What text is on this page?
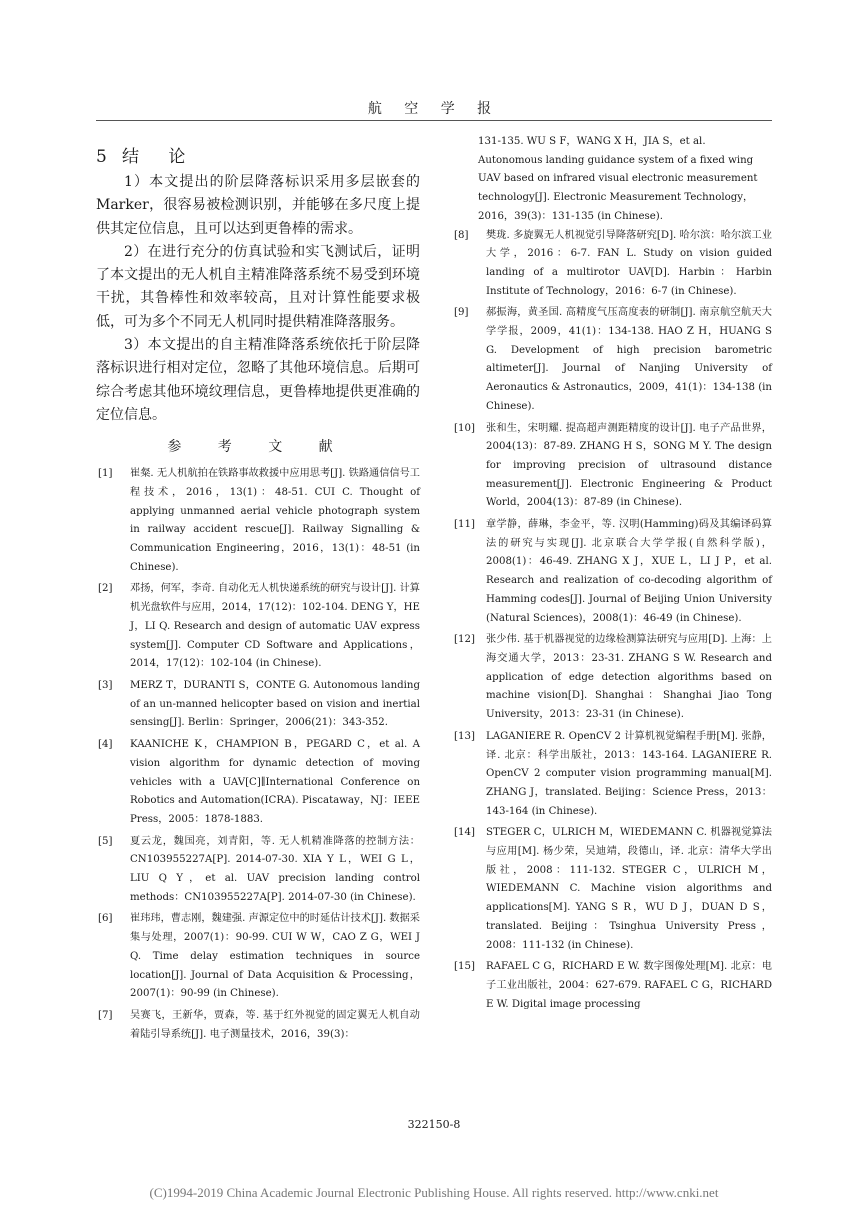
航 空 学 报
5 结 论

1）本文提出的阶层降落标识采用多层嵌套的 Marker，很容易被检测识别，并能够在多尺度上提供其定位信息，且可以达到更鲁棒的需求。

2）在进行充分的仿真试验和实飞测试后，证明了本文提出的无人机自主精准降落系统不易受到环境干扰，其鲁棒性和效率较高，且对计算性能要求极低，可为多个不同无人机同时提供精准降落服务。

3）本文提出的自主精准降落系统依托于阶层降落标识进行相对定位，忽略了其他环境信息。后期可综合考虑其他环境纹理信息，更鲁棒地提供更准确的定位信息。

参 考 文 献
[1] 崔粲. 无人机航拍在铁路事故救援中应用思考[J]. 铁路通信信号工程技术，2016，13(1)：48-51. CUI C. Thought of applying unmanned aerial vehicle photograph system in railway accident rescue[J]. Railway Signalling & Communication Engineering，2016，13(1)：48-51 (in Chinese).
[2] 邓扬，何军，李奇. 自动化无人机快递系统的研究与设计[J]. 计算机光盘软件与应用，2014，17(12)：102-104. DENG Y，HE J，LI Q. Research and design of automatic UAV express system[J]. Computer CD Software and Applications，2014，17(12)：102-104 (in Chinese).
[3] MERZ T，DURANTI S，CONTE G. Autonomous landing of an un-manned helicopter based on vision and inertial sensing[J]. Berlin：Springer，2006(21)：343-352.
[4] KAANICHE K，CHAMPION B，PEGARD C，et al. A vision algorithm for dynamic detection of moving vehicles with a UAV[C]∥International Conference on Robotics and Automation(ICRA). Piscataway，NJ：IEEE Press，2005：1878-1883.
[5] 夏云龙，魏国亮，刘青阳，等. 无人机精准降落的控制方法：CN103955227A[P]. 2014-07-30. XIA Y L，WEI G L，LIU Q Y，et al. UAV precision landing control methods：CN103955227A[P]. 2014-07-30 (in Chinese).
[6] 崔玮玮，曹志刚，魏建强. 声源定位中的时延估计技术[J]. 数据采集与处理，2007(1)：90-99. CUI W W，CAO Z G，WEI J Q. Time delay estimation techniques in source location[J]. Journal of Data Acquisition & Processing，2007(1)：90-99 (in Chinese).
[7] 吴赛飞，王新华，贾森，等. 基于红外视觉的固定翼无人机自动着陆引导系统[J]. 电子测量技术，2016，39(3)：
131-135. WU S F，WANG X H，JIA S，et al. Autonomous landing guidance system of a fixed wing UAV based on infrared visual electronic measurement technology[J]. Electronic Measurement Technology，2016，39(3)：131-135 (in Chinese).
[8] 樊珑. 多旋翼无人机视觉引导降落研究[D]. 哈尔滨：哈尔滨工业大学，2016：6-7. FAN L. Study on vision guided landing of a multirotor UAV[D]. Harbin：Harbin Institute of Technology，2016：6-7 (in Chinese).
[9] 郝振海，黄圣国. 高精度气压高度表的研制[J]. 南京航空航天大学学报，2009，41(1)：134-138. HAO Z H，HUANG S G. Development of high precision barometric altimeter[J]. Journal of Nanjing University of Aeronautics & Astronautics，2009，41(1)：134-138 (in Chinese).
[10] 张和生，宋明耀. 提高超声测距精度的设计[J]. 电子产品世界，2004(13)：87-89. ZHANG H S，SONG M Y. The design for improving precision of ultrasound distance measurement[J]. Electronic Engineering & Product World，2004(13)：87-89 (in Chinese).
[11] 章学静，薛琳，李金平，等. 汉明(Hamming)码及其编译码算法的研究与实现[J]. 北京联合大学学报(自然科学版)，2008(1)：46-49. ZHANG X J，XUE L，LI J P，et al. Research and realization of co-decoding algorithm of Hamming codes[J]. Journal of Beijing Union University (Natural Sciences)，2008(1)：46-49 (in Chinese).
[12] 张少伟. 基于机器视觉的边缘检测算法研究与应用[D]. 上海：上海交通大学，2013：23-31. ZHANG S W. Research and application of edge detection algorithms based on machine vision[D]. Shanghai：Shanghai Jiao Tong University，2013：23-31 (in Chinese).
[13] LAGANIERE R. OpenCV 2 计算机视觉编程手册[M]. 张静，译. 北京：科学出版社，2013：143-164. LAGANIERE R. OpenCV 2 computer vision programming manual[M]. ZHANG J，translated. Beijing：Science Press，2013：143-164 (in Chinese).
[14] STEGER C，ULRICH M，WIEDEMANN C. 机器视觉算法与应用[M]. 杨少荣，吴迪靖，段德山，译. 北京：清华大学出版社，2008：111-132. STEGER C，ULRICH M，WIEDEMANN C. Machine vision algorithms and applications[M]. YANG S R，WU D J，DUAN D S，translated. Beijing：Tsinghua University Press，2008：111-132 (in Chinese).
[15] RAFAEL C G，RICHARD E W. 数字图像处理[M]. 北京：电子工业出版社，2004：627-679. RAFAEL C G，RICHARD E W. Digital image processing
322150-8
(C)1994-2019 China Academic Journal Electronic Publishing House. All rights reserved. http://www.cnki.net
